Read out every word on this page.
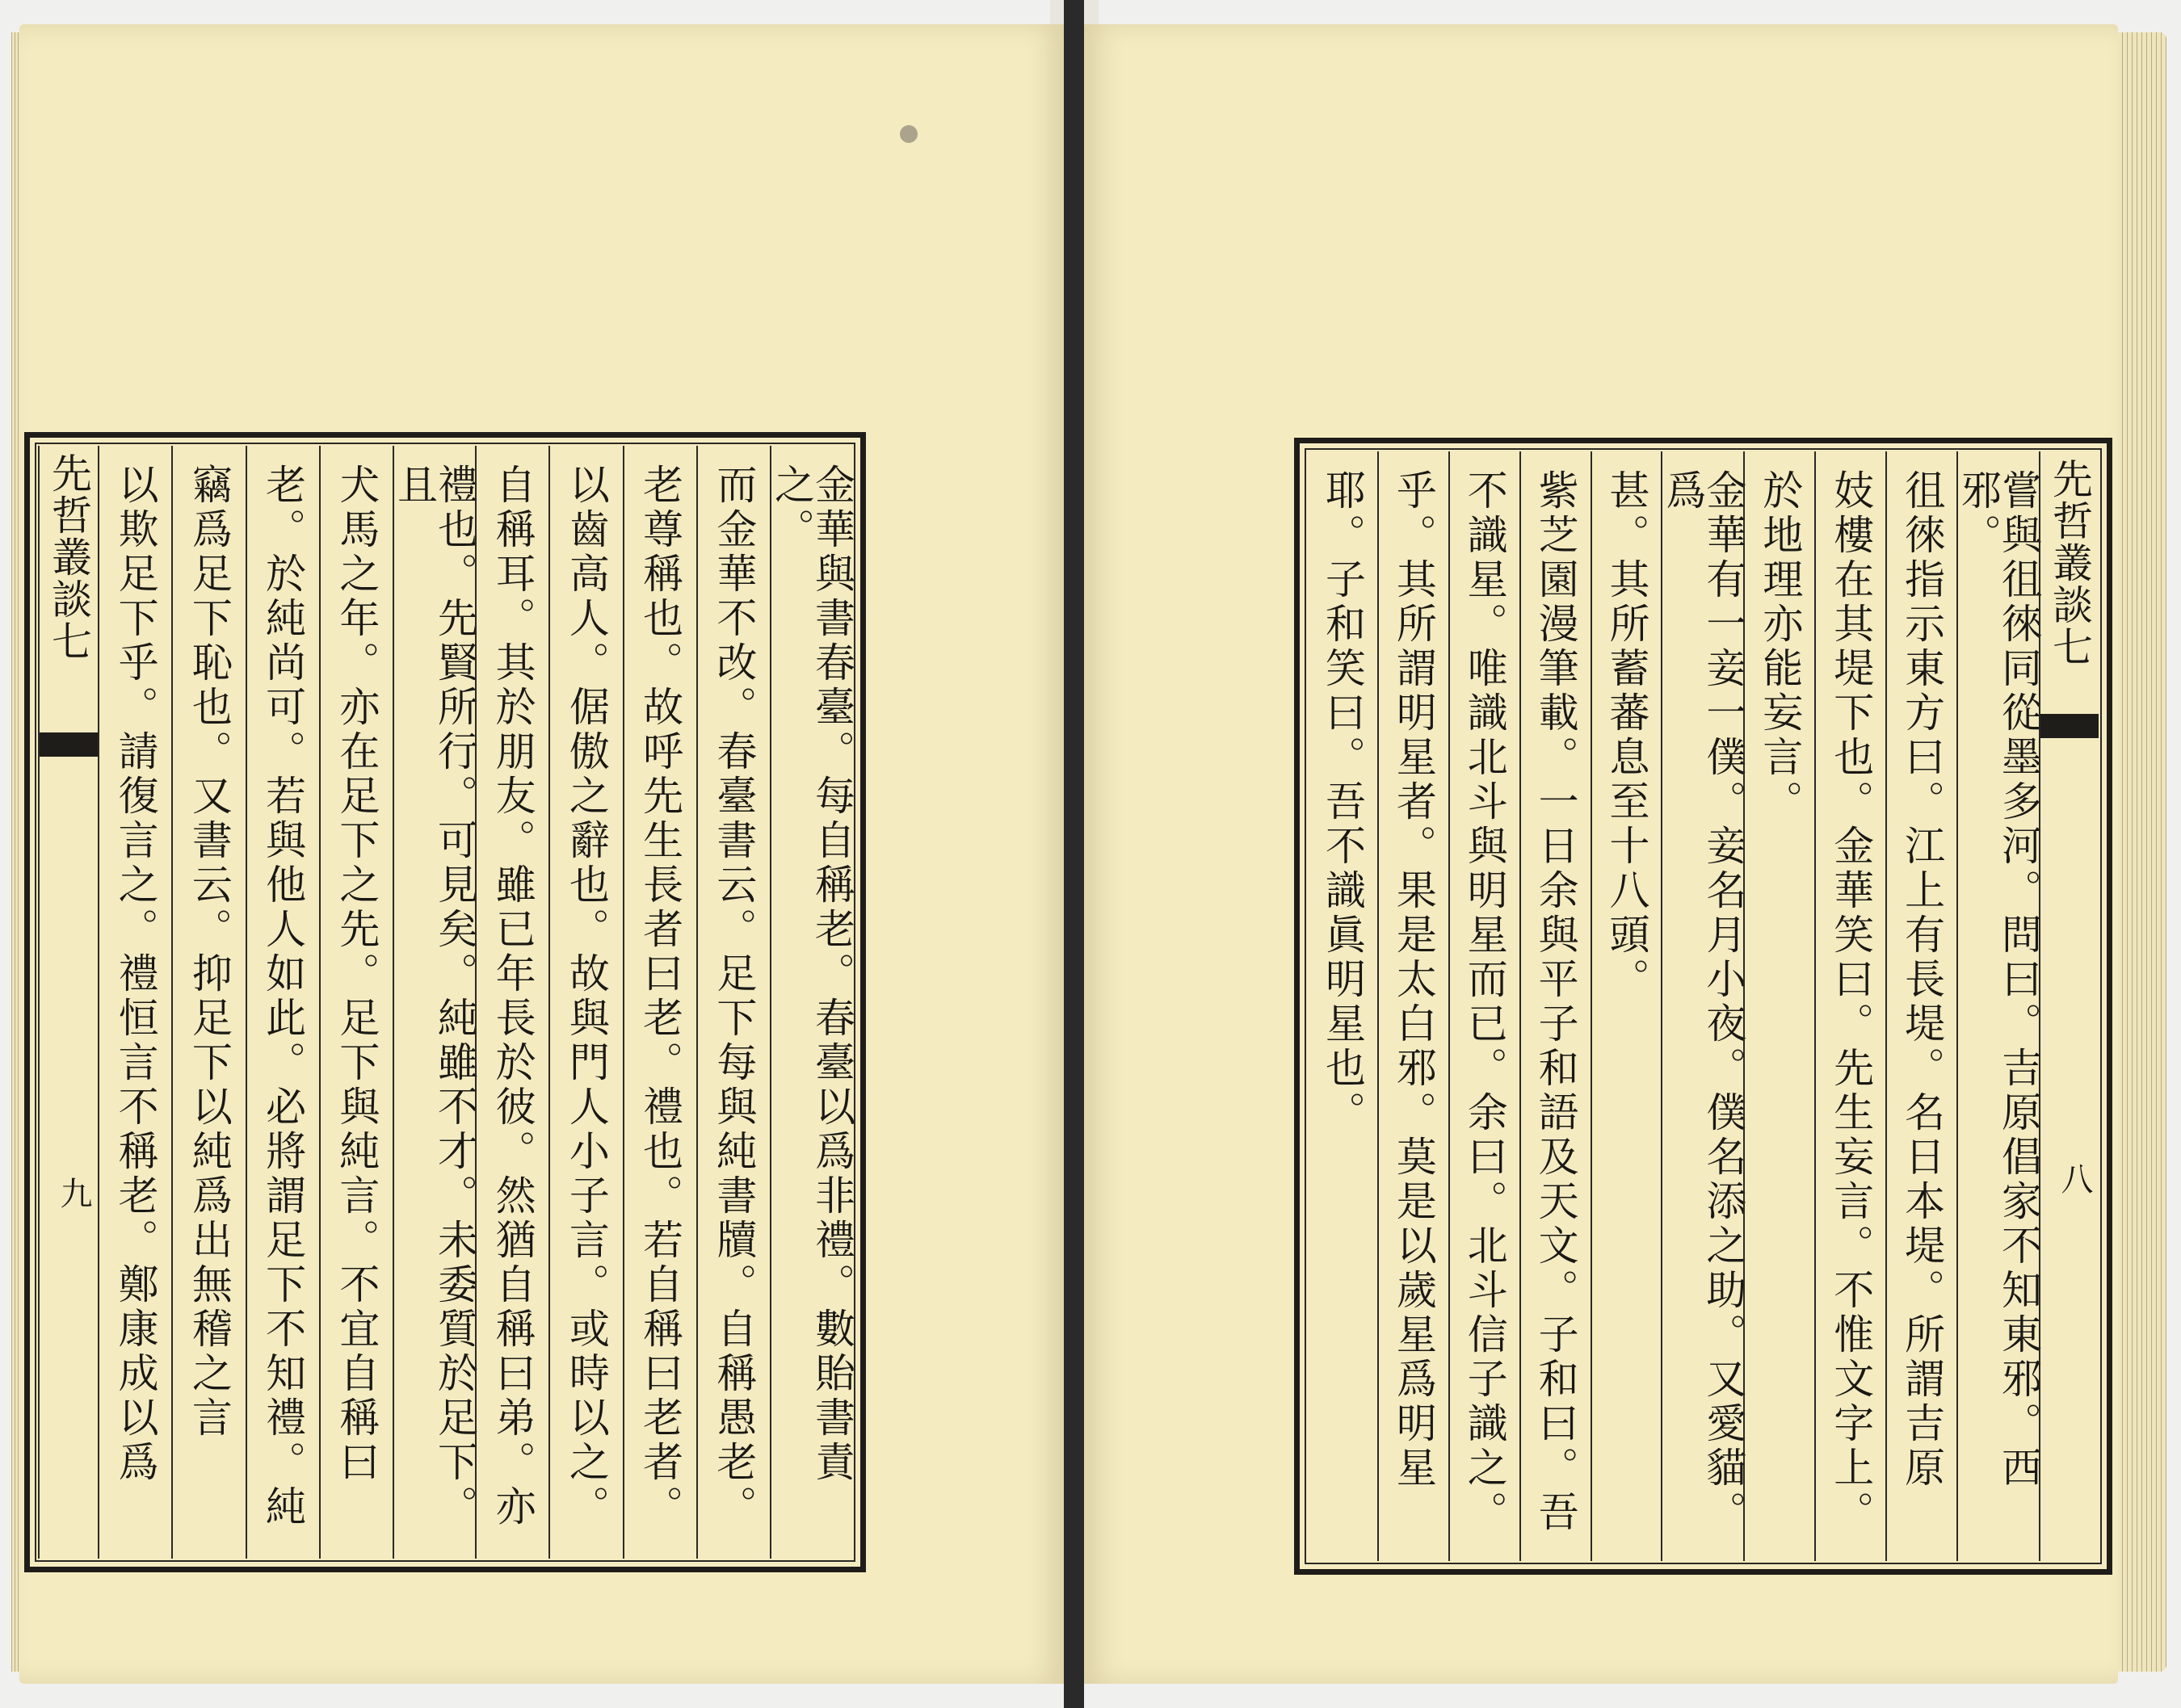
金華與書春臺。每自稱老。春臺以爲非禮。數貽書責之。
而金華不改。春臺書云。足下每與純書牘。自稱愚老。
老尊稱也。故呼先生長者曰老。禮也。若自稱曰老者。
以齒高人。倨傲之辭也。故與門人小子言。或時以之。
自稱耳。其於朋友。雖已年長於彼。然猶自稱曰弟。亦
禮也。先賢所行。可見矣。純雖不才。未委質於足下。且
犬馬之年。亦在足下之先。足下與純言。不宜自稱曰
老。於純尚可。若與他人如此。必將謂足下不知禮。純
竊爲足下恥也。又書云。抑足下以純爲出無稽之言
以欺足下乎。請復言之。禮恒言不稱老。鄭康成以爲
先哲叢談七
九
先哲叢談七
八
嘗與徂徠同從墨多河。問曰。吉原倡家不知東邪。西邪。
徂徠指示東方曰。江上有長堤。名日本堤。所謂吉原
妓樓在其堤下也。金華笑曰。先生妄言。不惟文字上。
於地理亦能妄言。
金華有一妾一僕。妾名月小夜。僕名添之助。又愛貓。爲
甚。其所蓄蕃息至十八頭。
紫芝園漫筆載。一日余與平子和語及天文。子和曰。吾
不識星。唯識北斗與明星而已。余曰。北斗信子識之。
乎。其所謂明星者。果是太白邪。莫是以歲星爲明星
耶。子和笑曰。吾不識眞明星也。
